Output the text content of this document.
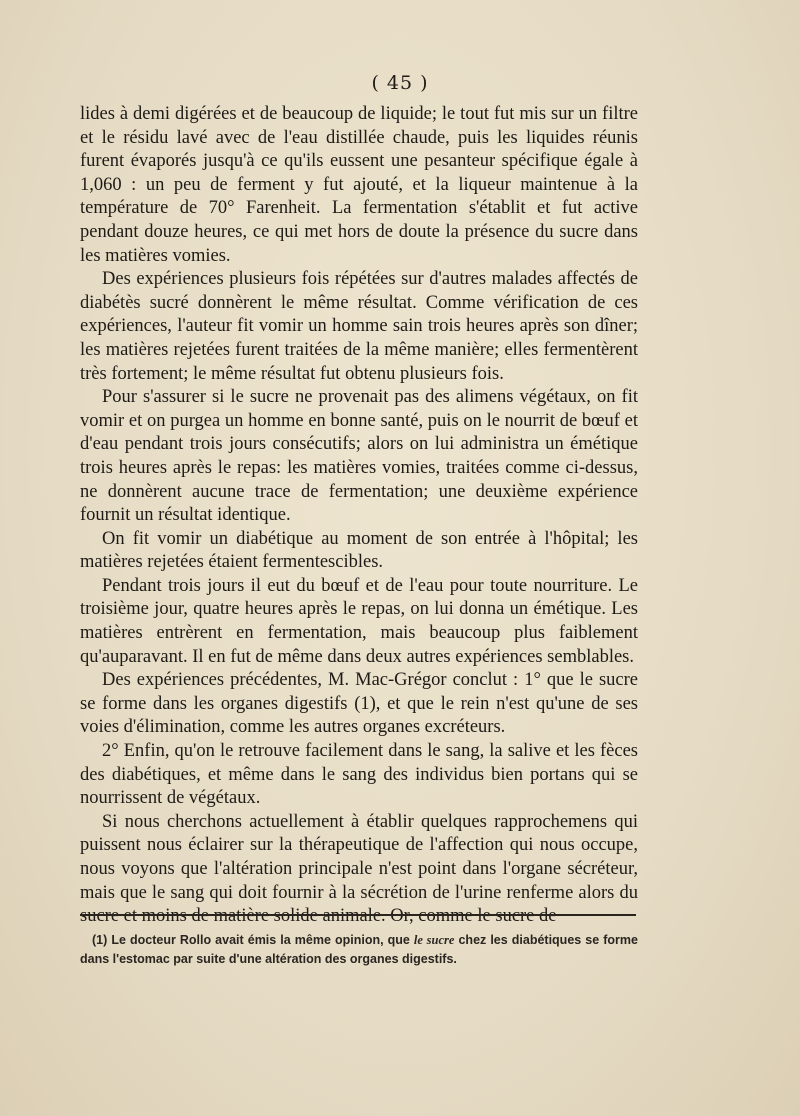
( 45 )

lides à demi digérées et de beaucoup de liquide; le tout fut mis sur un filtre et le résidu lavé avec de l'eau distillée chaude, puis les liquides réunis furent évaporés jusqu'à ce qu'ils eussent une pesanteur spécifique égale à 1,060 : un peu de ferment y fut ajouté, et la liqueur maintenue à la température de 70° Farenheit. La fermentation s'établit et fut active pendant douze heures, ce qui met hors de doute la présence du sucre dans les matières vomies.

Des expériences plusieurs fois répétées sur d'autres malades affectés de diabétès sucré donnèrent le même résultat. Comme vérification de ces expériences, l'auteur fit vomir un homme sain trois heures après son dîner; les matières rejetées furent traitées de la même manière; elles fermentèrent très fortement; le même résultat fut obtenu plusieurs fois.

Pour s'assurer si le sucre ne provenait pas des alimens végétaux, on fit vomir et on purgea un homme en bonne santé, puis on le nourrit de bœuf et d'eau pendant trois jours consécutifs; alors on lui administra un émétique trois heures après le repas: les matières vomies, traitées comme ci-dessus, ne donnèrent aucune trace de fermentation; une deuxième expérience fournit un résultat identique.

On fit vomir un diabétique au moment de son entrée à l'hôpital; les matières rejetées étaient fermentescibles.

Pendant trois jours il eut du bœuf et de l'eau pour toute nourriture. Le troisième jour, quatre heures après le repas, on lui donna un émétique. Les matières entrèrent en fermentation, mais beaucoup plus faiblement qu'auparavant. Il en fut de même dans deux autres expériences semblables.

Des expériences précédentes, M. Mac-Grégor conclut : 1° que le sucre se forme dans les organes digestifs (1), et que le rein n'est qu'une de ses voies d'élimination, comme les autres organes excréteurs.

2° Enfin, qu'on le retrouve facilement dans le sang, la salive et les fèces des diabétiques, et même dans le sang des individus bien portans qui se nourrissent de végétaux.

Si nous cherchons actuellement à établir quelques rapprochemens qui puissent nous éclairer sur la thérapeutique de l'affection qui nous occupe, nous voyons que l'altération principale n'est point dans l'organe sécréteur, mais que le sang qui doit fournir à la sécrétion de l'urine renferme alors du sucre et moins de matière solide animale. Or, comme le sucre de

(1) Le docteur Rollo avait émis la même opinion, que le sucre chez les diabétiques se forme dans l'estomac par suite d'une altération des organes digestifs.
